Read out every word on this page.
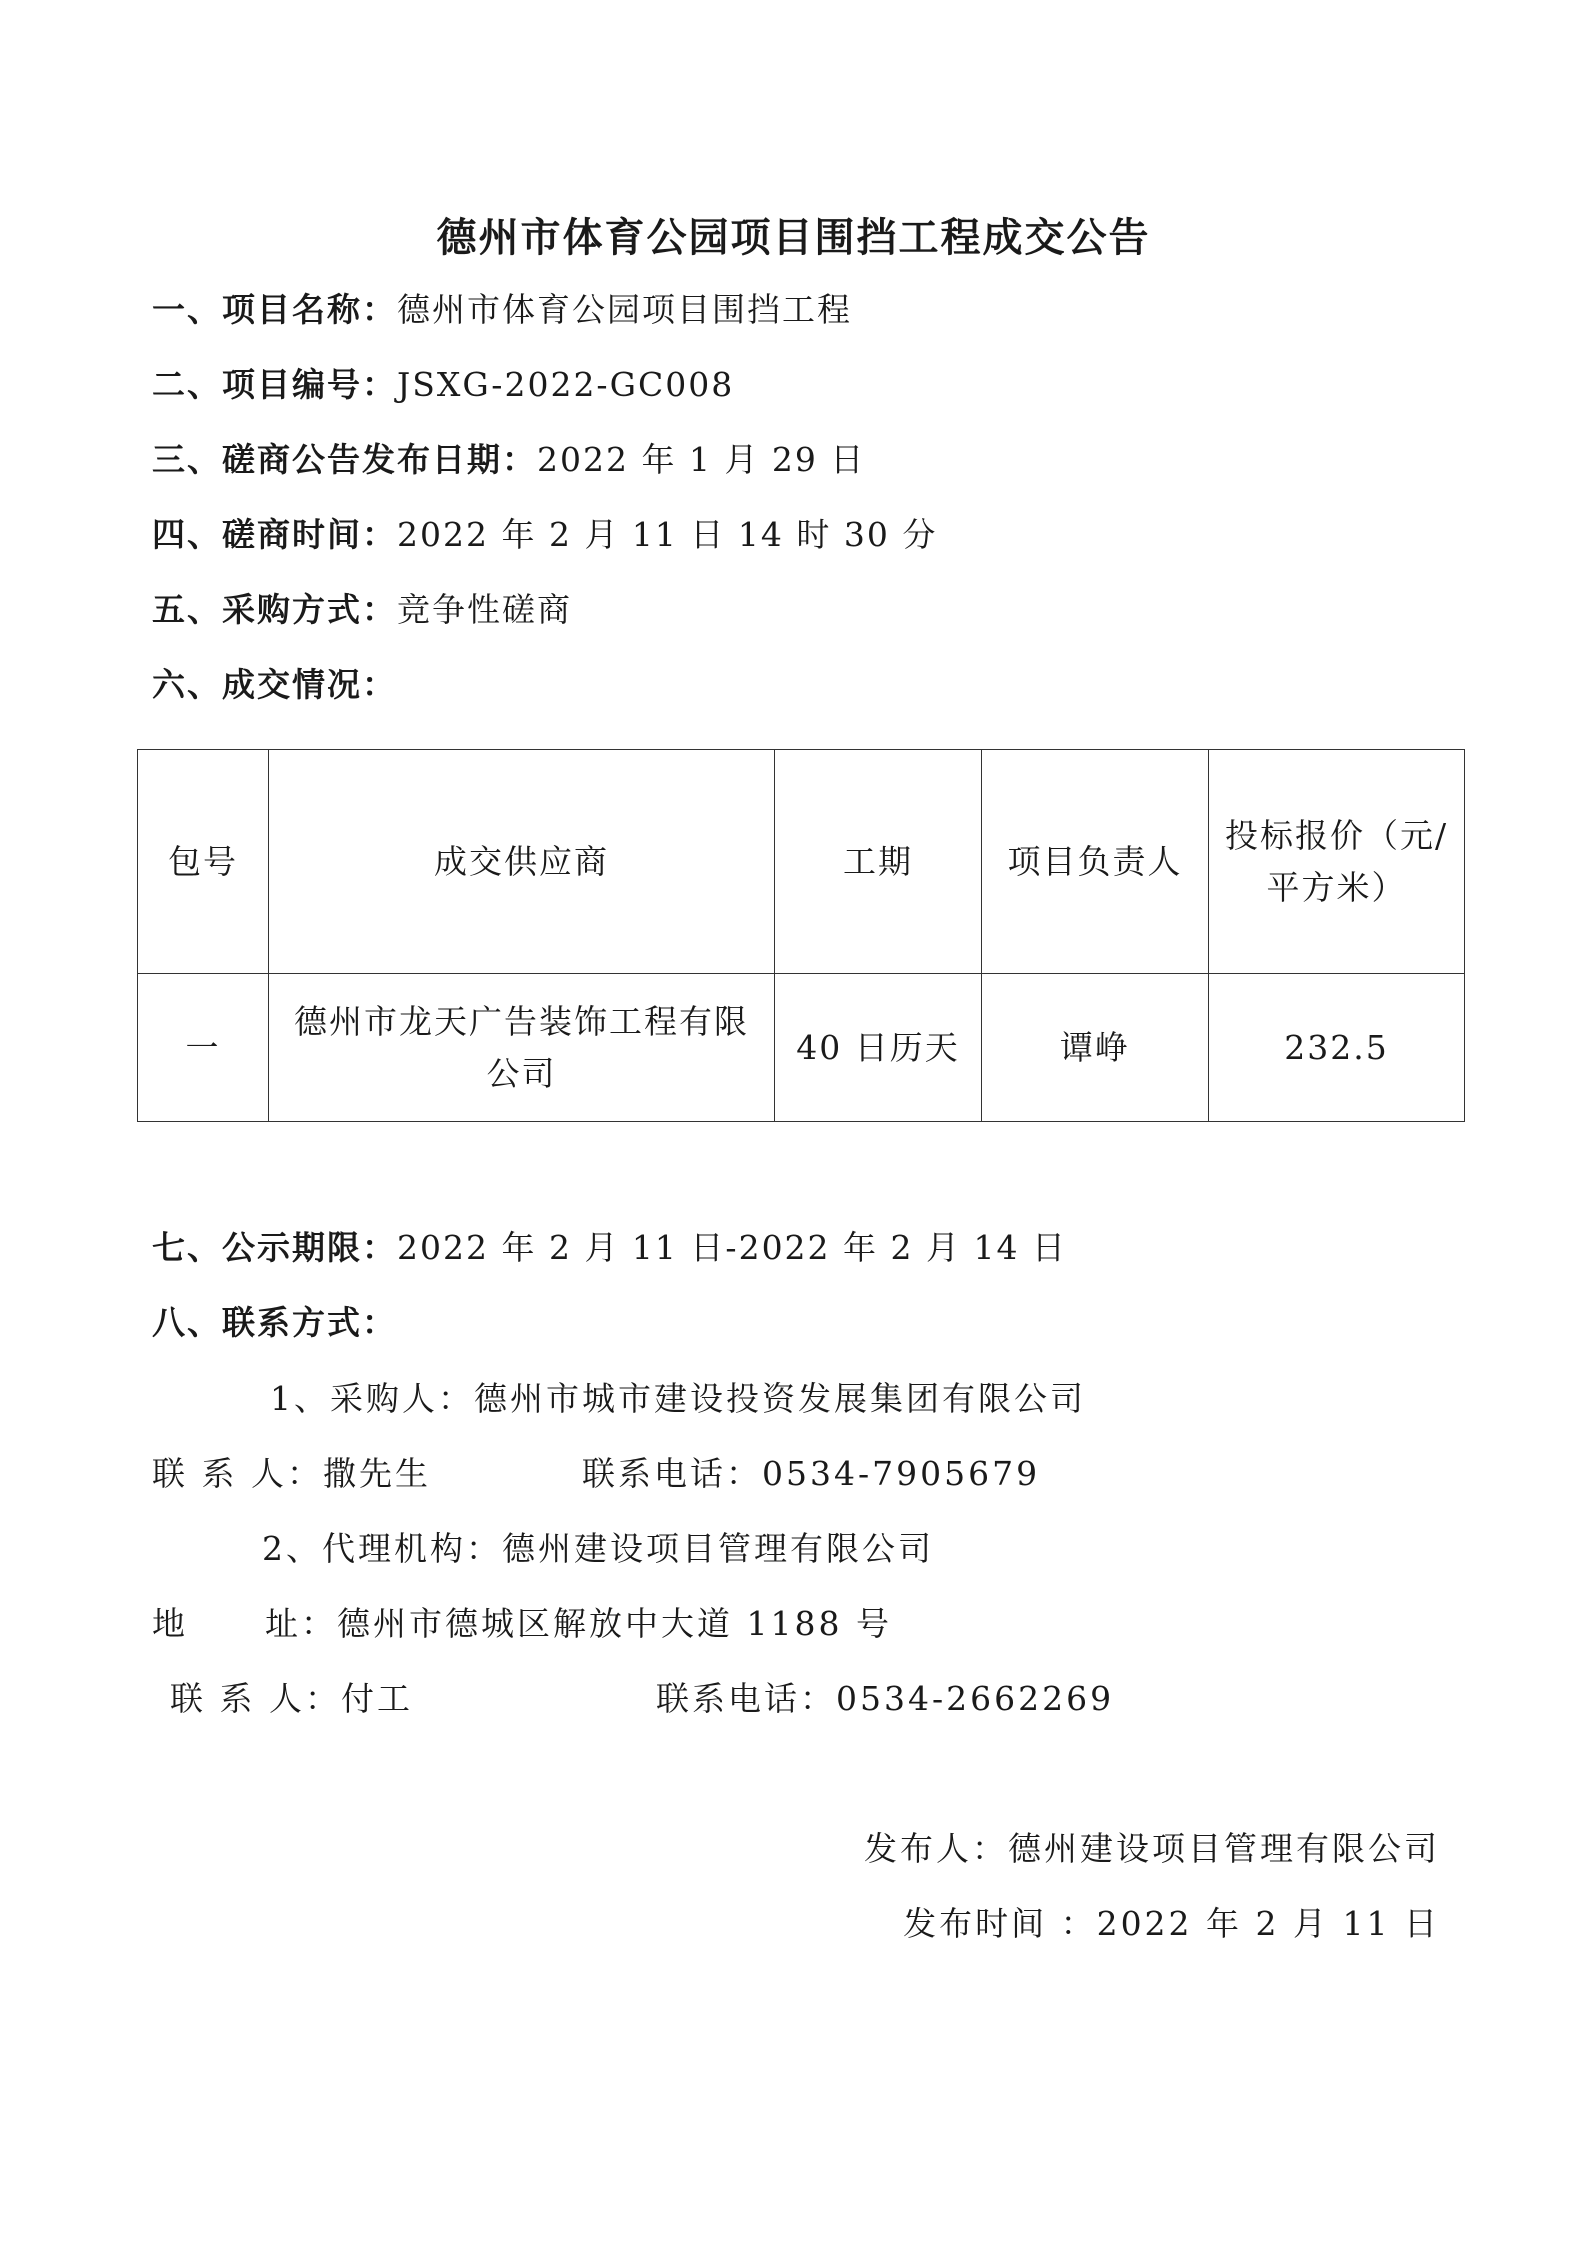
德州市体育公园项目围挡工程成交公告
一、项目名称：德州市体育公园项目围挡工程
二、项目编号：JSXG-2022-GC008
三、磋商公告发布日期：2022 年 1 月 29 日
四、磋商时间：2022 年 2 月 11 日 14 时 30 分
五、采购方式：竞争性磋商
六、成交情况：
包号	成交供应商	工期	项目负责人	投标报价（元/平方米）
一	德州市龙天广告装饰工程有限公司	40 日历天	谭峥	232.5
七、公示期限：2022 年 2 月 11 日-2022 年 2 月 14 日
八、联系方式：
1、采购人：德州市城市建设投资发展集团有限公司
联 系 人：撒先生	联系电话：0534-7905679
2、代理机构：德州建设项目管理有限公司
地 址：德州市德城区解放中大道 1188 号
联 系 人：付工	联系电话：0534-2662269
发布人：德州建设项目管理有限公司
发布时间 ：2022 年 2 月 11 日
